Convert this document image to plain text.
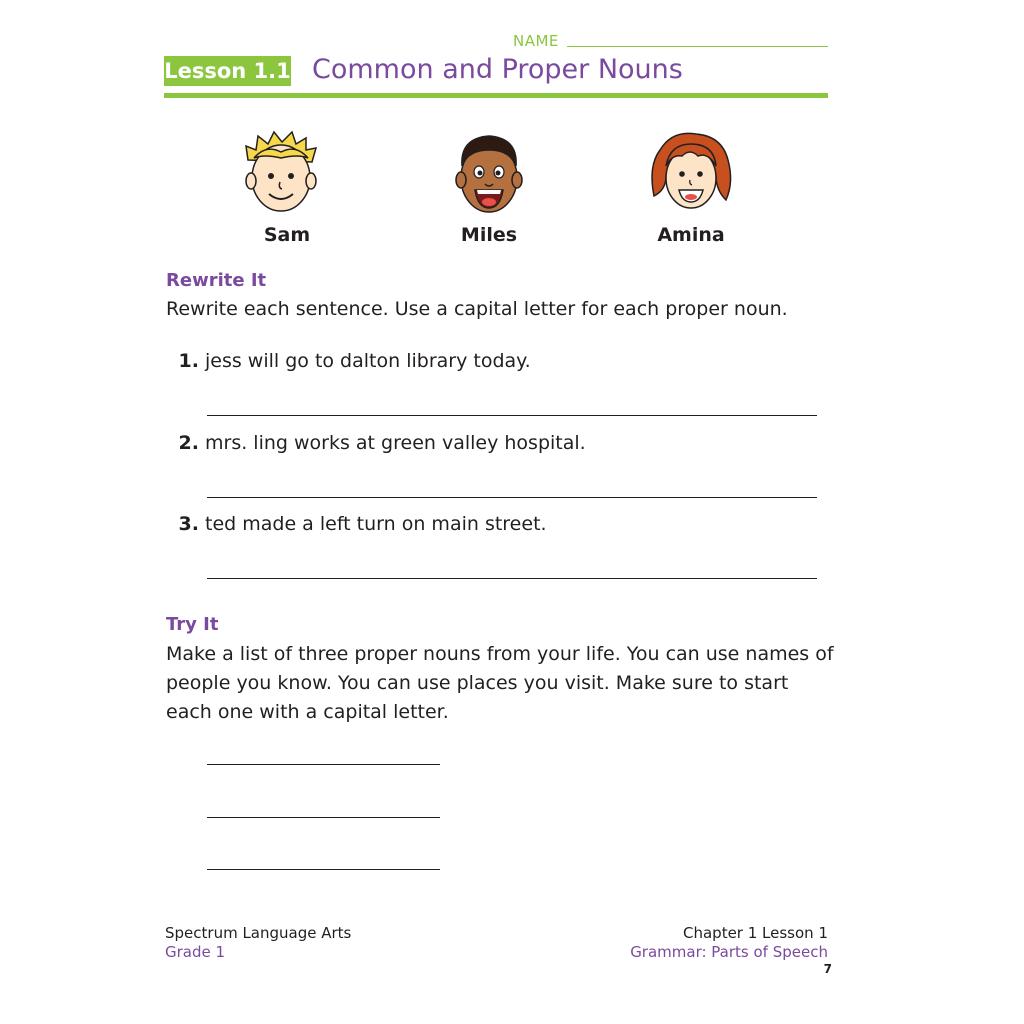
NAME
Lesson 1.1 Common and Proper Nouns
Sam	Miles	Amina
Rewrite It
Rewrite each sentence. Use a capital letter for each proper noun.
1. jess will go to dalton library today.
2. mrs. ling works at green valley hospital.
3. ted made a left turn on main street.
Try It
Make a list of three proper nouns from your life. You can use names of people you know. You can use places you visit. Make sure to start each one with a capital letter.
Spectrum Language Arts
Grade 1
Chapter 1 Lesson 1
Grammar: Parts of Speech
7
